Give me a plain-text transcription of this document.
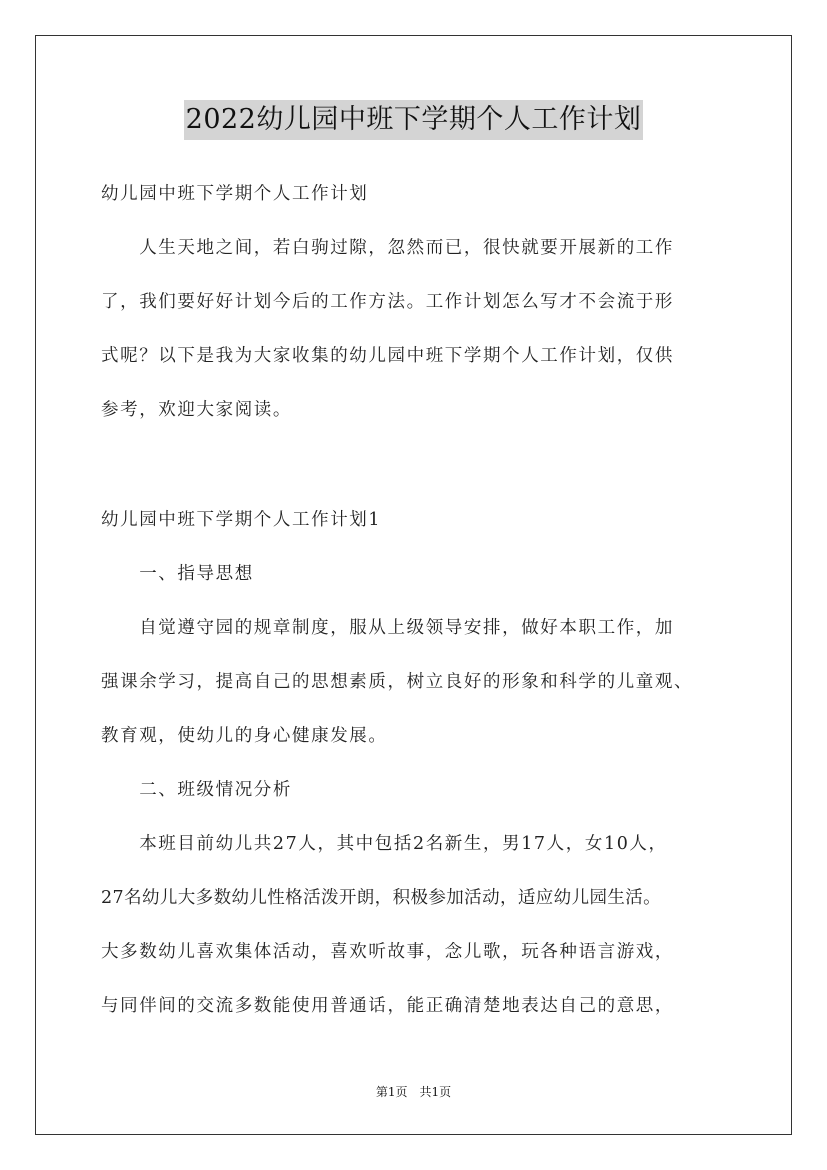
2022幼儿园中班下学期个人工作计划
幼儿园中班下学期个人工作计划
　　人生天地之间，若白驹过隙，忽然而已，很快就要开展新的工作
了，我们要好好计划今后的工作方法。工作计划怎么写才不会流于形
式呢？以下是我为大家收集的幼儿园中班下学期个人工作计划，仅供
参考，欢迎大家阅读。
幼儿园中班下学期个人工作计划1
　　一、指导思想
　　自觉遵守园的规章制度，服从上级领导安排，做好本职工作，加
强课余学习，提高自己的思想素质，树立良好的形象和科学的儿童观、
教育观，使幼儿的身心健康发展。
　　二、班级情况分析
　　本班目前幼儿共27人，其中包括2名新生，男17人，女10人，
27名幼儿大多数幼儿性格活泼开朗，积极参加活动，适应幼儿园生活。
大多数幼儿喜欢集体活动，喜欢听故事，念儿歌，玩各种语言游戏，
与同伴间的交流多数能使用普通话，能正确清楚地表达自己的意思，
第1页　共1页
